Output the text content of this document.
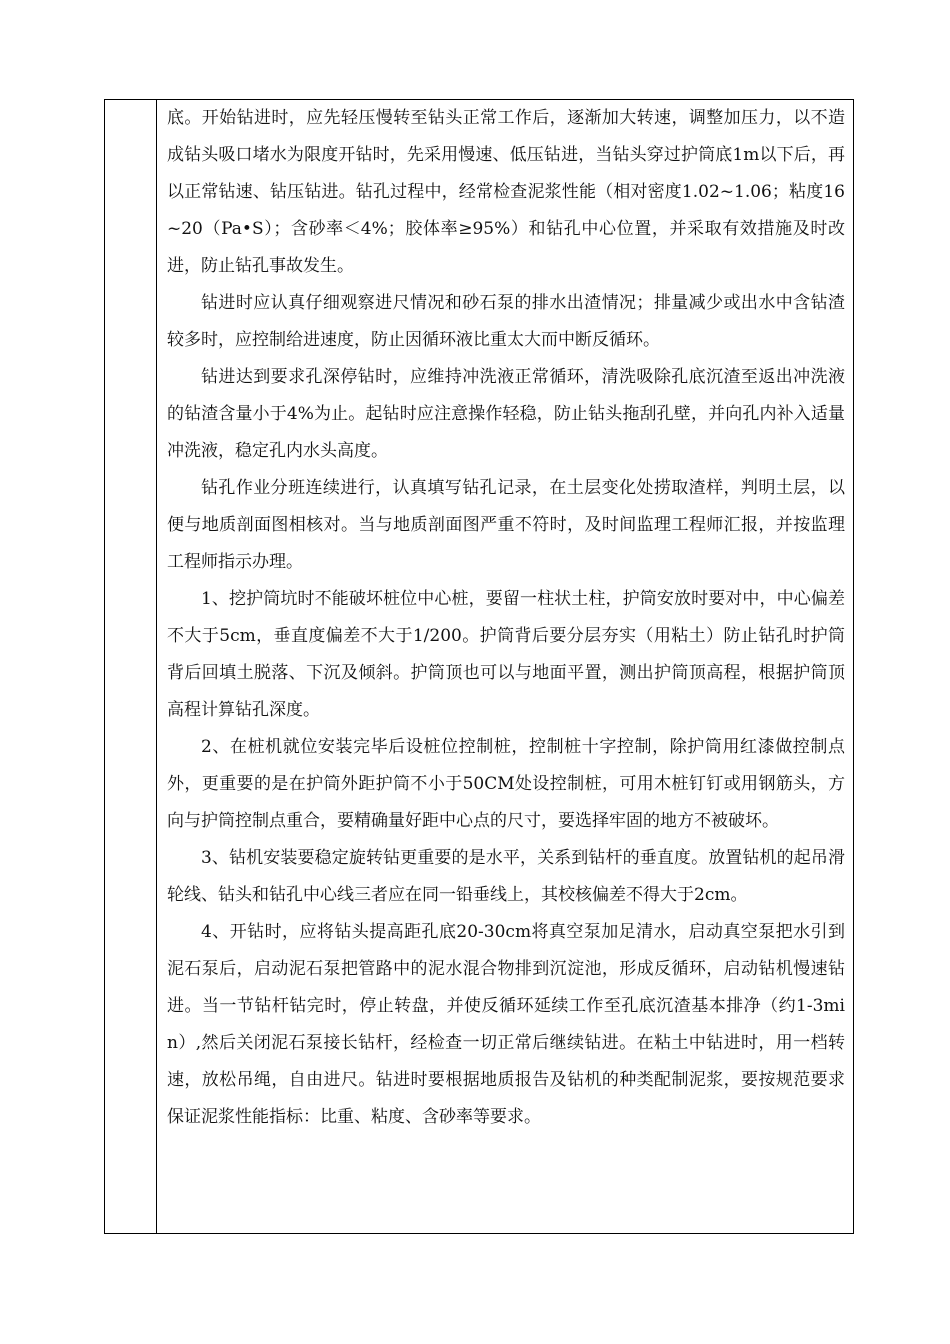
底。开始钻进时，应先轻压慢转至钻头正常工作后，逐渐加大转速，调整加压力，以不造成钻头吸口堵水为限度开钻时，先采用慢速、低压钻进，当钻头穿过护筒底1m以下后，再以正常钻速、钻压钻进。钻孔过程中，经常检查泥浆性能（相对密度1.02~1.06；粘度16~20（Pa•S）；含砂率＜4%；胶体率≥95%）和钻孔中心位置，并采取有效措施及时改进，防止钻孔事故发生。

钻进时应认真仔细观察进尺情况和砂石泵的排水出渣情况；排量减少或出水中含钻渣较多时，应控制给进速度，防止因循环液比重太大而中断反循环。

钻进达到要求孔深停钻时，应维持冲洗液正常循环，清洗吸除孔底沉渣至返出冲洗液的钻渣含量小于4%为止。起钻时应注意操作轻稳，防止钻头拖刮孔壁，并向孔内补入适量冲洗液，稳定孔内水头高度。

钻孔作业分班连续进行，认真填写钻孔记录，在土层变化处捞取渣样，判明土层，以便与地质剖面图相核对。当与地质剖面图严重不符时，及时间监理工程师汇报，并按监理工程师指示办理。

1、挖护筒坑时不能破坏桩位中心桩，要留一柱状土柱，护筒安放时要对中，中心偏差不大于5cm，垂直度偏差不大于1/200。护筒背后要分层夯实（用粘土）防止钻孔时护筒背后回填土脱落、下沉及倾斜。护筒顶也可以与地面平置，测出护筒顶高程，根据护筒顶高程计算钻孔深度。

2、在桩机就位安装完毕后设桩位控制桩，控制桩十字控制，除护筒用红漆做控制点外，更重要的是在护筒外距护筒不小于50CM处设控制桩，可用木桩钉钉或用钢筋头，方向与护筒控制点重合，要精确量好距中心点的尺寸，要选择牢固的地方不被破坏。

3、钻机安装要稳定旋转钻更重要的是水平，关系到钻杆的垂直度。放置钻机的起吊滑轮线、钻头和钻孔中心线三者应在同一铅垂线上，其校核偏差不得大于2cm。

4、开钻时，应将钻头提高距孔底20-30cm将真空泵加足清水，启动真空泵把水引到泥石泵后，启动泥石泵把管路中的泥水混合物排到沉淀池，形成反循环，启动钻机慢速钻进。当一节钻杆钻完时，停止转盘，并使反循环延续工作至孔底沉渣基本排净（约1-3min）,然后关闭泥石泵接长钻杆，经检查一切正常后继续钻进。在粘土中钻进时，用一档转速，放松吊绳，自由进尺。钻进时要根据地质报告及钻机的种类配制泥浆，要按规范要求保证泥浆性能指标：比重、粘度、含砂率等要求。
